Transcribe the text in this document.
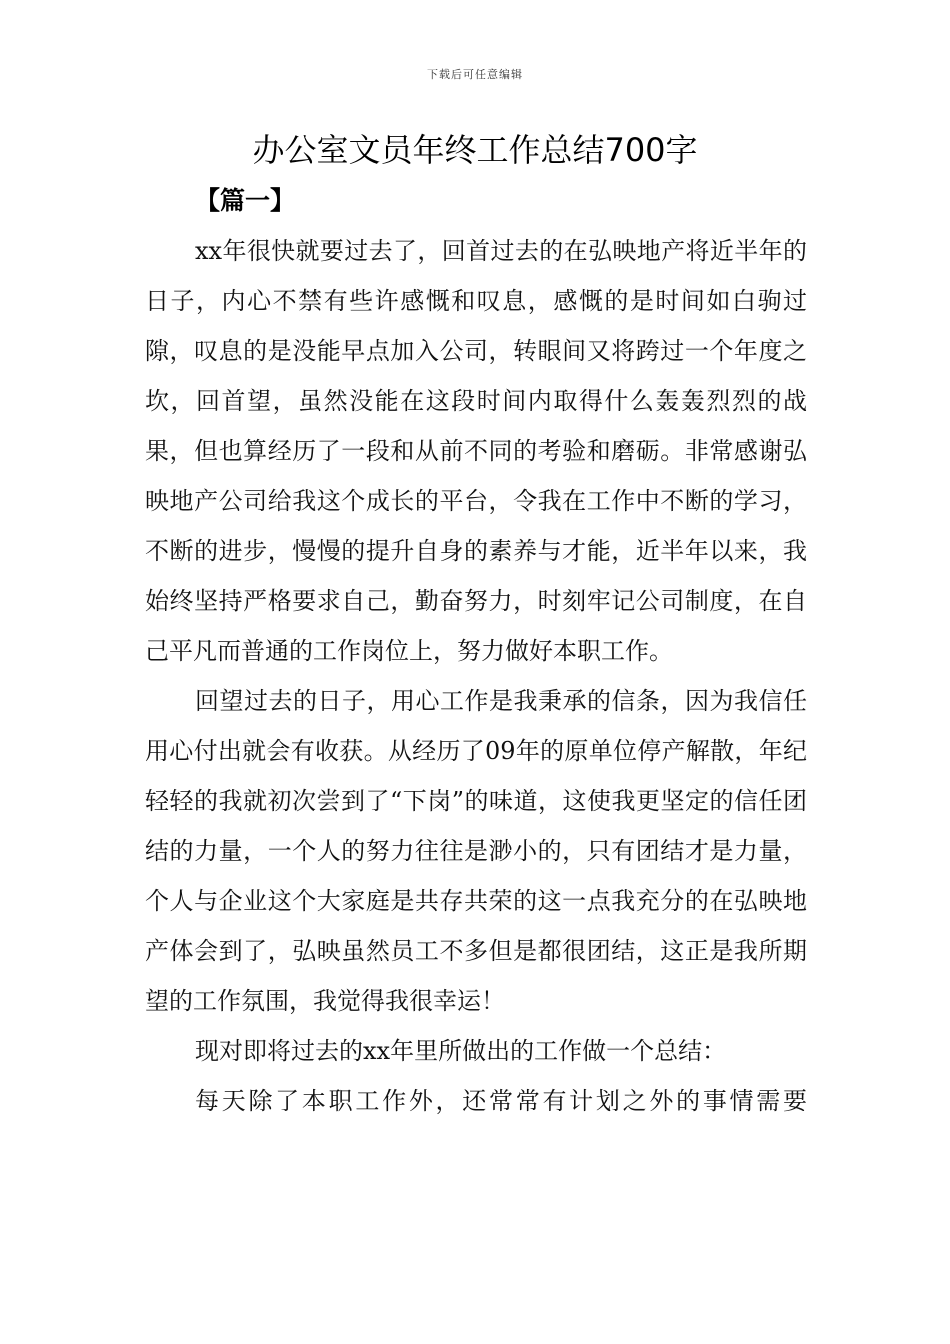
下载后可任意编辑
办公室文员年终工作总结700字
【篇一】

xx年很快就要过去了，回首过去的在弘映地产将近半年的日子，内心不禁有些许感慨和叹息，感慨的是时间如白驹过隙，叹息的是没能早点加入公司，转眼间又将跨过一个年度之坎，回首望，虽然没能在这段时间内取得什么轰轰烈烈的战果，但也算经历了一段和从前不同的考验和磨砺。非常感谢弘映地产公司给我这个成长的平台，令我在工作中不断的学习，不断的进步，慢慢的提升自身的素养与才能，近半年以来，我始终坚持严格要求自己，勤奋努力，时刻牢记公司制度，在自己平凡而普通的工作岗位上，努力做好本职工作。

回望过去的日子，用心工作是我秉承的信条，因为我信任用心付出就会有收获。从经历了09年的原单位停产解散，年纪轻轻的我就初次尝到了“下岗”的味道，这使我更坚定的信任团结的力量，一个人的努力往往是渺小的，只有团结才是力量，个人与企业这个大家庭是共存共荣的这一点我充分的在弘映地产体会到了，弘映虽然员工不多但是都很团结，这正是我所期望的工作氛围，我觉得我很幸运！

现对即将过去的xx年里所做出的工作做一个总结：

每天除了本职工作外，还常常有计划之外的事情需要
